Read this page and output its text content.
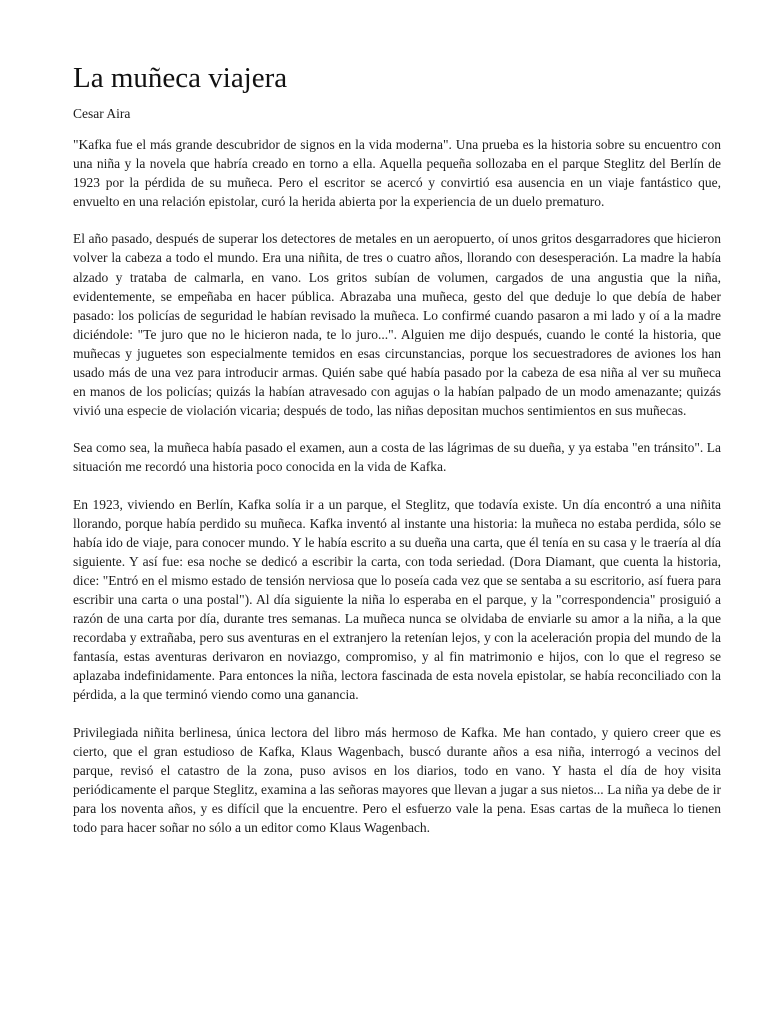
La muñeca viajera
Cesar Aira

"Kafka fue el más grande descubridor de signos en la vida moderna". Una prueba es la historia sobre su encuentro con una niña y la novela que habría creado en torno a ella. Aquella pequeña sollozaba en el parque Steglitz del Berlín de 1923 por la pérdida de su muñeca. Pero el escritor se acercó y convirtió esa ausencia en un viaje fantástico que, envuelto en una relación epistolar, curó la herida abierta por la experiencia de un duelo prematuro.

El año pasado, después de superar los detectores de metales en un aeropuerto, oí unos gritos desgarradores que hicieron volver la cabeza a todo el mundo. Era una niñita, de tres o cuatro años, llorando con desesperación. La madre la había alzado y trataba de calmarla, en vano. Los gritos subían de volumen, cargados de una angustia que la niña, evidentemente, se empeñaba en hacer pública. Abrazaba una muñeca, gesto del que deduje lo que debía de haber pasado: los policías de seguridad le habían revisado la muñeca. Lo confirmé cuando pasaron a mi lado y oí a la madre diciéndole: "Te juro que no le hicieron nada, te lo juro...". Alguien me dijo después, cuando le conté la historia, que muñecas y juguetes son especialmente temidos en esas circunstancias, porque los secuestradores de aviones los han usado más de una vez para introducir armas. Quién sabe qué había pasado por la cabeza de esa niña al ver su muñeca en manos de los policías; quizás la habían atravesado con agujas o la habían palpado de un modo amenazante; quizás vivió una especie de violación vicaria; después de todo, las niñas depositan muchos sentimientos en sus muñecas.

Sea como sea, la muñeca había pasado el examen, aun a costa de las lágrimas de su dueña, y ya estaba "en tránsito". La situación me recordó una historia poco conocida en la vida de Kafka.

En 1923, viviendo en Berlín, Kafka solía ir a un parque, el Steglitz, que todavía existe. Un día encontró a una niñita llorando, porque había perdido su muñeca. Kafka inventó al instante una historia: la muñeca no estaba perdida, sólo se había ido de viaje, para conocer mundo. Y le había escrito a su dueña una carta, que él tenía en su casa y le traería al día siguiente. Y así fue: esa noche se dedicó a escribir la carta, con toda seriedad. (Dora Diamant, que cuenta la historia, dice: "Entró en el mismo estado de tensión nerviosa que lo poseía cada vez que se sentaba a su escritorio, así fuera para escribir una carta o una postal"). Al día siguiente la niña lo esperaba en el parque, y la "correspondencia" prosiguió a razón de una carta por día, durante tres semanas. La muñeca nunca se olvidaba de enviarle su amor a la niña, a la que recordaba y extrañaba, pero sus aventuras en el extranjero la retenían lejos, y con la aceleración propia del mundo de la fantasía, estas aventuras derivaron en noviazgo, compromiso, y al fin matrimonio e hijos, con lo que el regreso se aplazaba indefinidamente. Para entonces la niña, lectora fascinada de esta novela epistolar, se había reconciliado con la pérdida, a la que terminó viendo como una ganancia.

Privilegiada niñita berlinesa, única lectora del libro más hermoso de Kafka. Me han contado, y quiero creer que es cierto, que el gran estudioso de Kafka, Klaus Wagenbach, buscó durante años a esa niña, interrogó a vecinos del parque, revisó el catastro de la zona, puso avisos en los diarios, todo en vano. Y hasta el día de hoy visita periódicamente el parque Steglitz, examina a las señoras mayores que llevan a jugar a sus nietos... La niña ya debe de ir para los noventa años, y es difícil que la encuentre. Pero el esfuerzo vale la pena. Esas cartas de la muñeca lo tienen todo para hacer soñar no sólo a un editor como Klaus Wagenbach.
